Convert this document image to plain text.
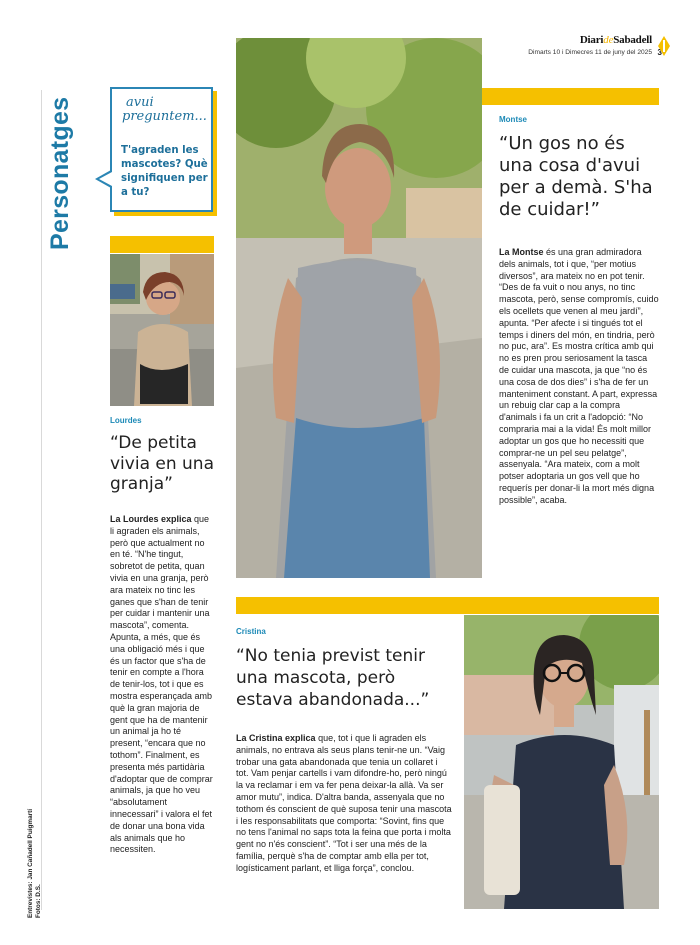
DiarideSabadell
Dimarts 10 i Dimecres 11 de juny del 2025 3
Personatges
Entrevistes: Jan Cañadell Puigmartí Fotos: D.S.
avui
preguntem...
T'agraden les mascotes? Què signifiquen per a tu?
Lourdes
“De petita vivia en una granja”
La Lourdes explica que li agraden els animals, però que actualment no en té. “N'he tingut, sobretot de petita, quan vivia en una granja, però ara mateix no tinc les ganes que s'han de tenir per cuidar i mantenir una mascota”, comenta. Apunta, a més, que és una obligació més i que és un factor que s'ha de tenir en compte a l'hora de tenir-los, tot i que es mostra esperançada amb què la gran majoria de gent que ha de mantenir un animal ja ho té present, “encara que no tothom”. Finalment, es presenta més partidària d'adoptar que de comprar animals, ja que ho veu “absolutament innecessari” i valora el fet de donar una bona vida als animals que ho necessiten.
Montse
“Un gos no és una cosa d'avui per a demà. S'ha de cuidar!”
La Montse és una gran admiradora dels animals, tot i que, “per motius diversos”, ara mateix no en pot tenir. “Des de fa vuit o nou anys, no tinc mascota, però, sense compromís, cuido els ocellets que venen al meu jardí”, apunta. “Per afecte i si tingués tot el temps i diners del món, en tindria, però no puc, ara”. Es mostra crítica amb qui no es pren prou seriosament la tasca de cuidar una mascota, ja que “no és una cosa de dos dies” i s'ha de fer un manteniment constant. A part, expressa un rebuig clar cap a la compra d'animals i fa un crit a l'adopció: “No compraria mai a la vida! És molt millor adoptar un gos que ho necessiti que comprar-ne un pel seu pelatge”, assenyala. “Ara mateix, com a molt potser adoptaria un gos vell que ho requerís per donar-li la mort més digna possible”, acaba.
Cristina
“No tenia previst tenir una mascota, però estava abandonada...”
La Cristina explica que, tot i que li agraden els animals, no entrava als seus plans tenir-ne un. “Vaig trobar una gata abandonada que tenia un collaret i tot. Vam penjar cartells i vam difondre-ho, però ningú la va reclamar i em va fer pena deixar-la allà. Va ser amor mutu”, indica. D'altra banda, assenyala que no tothom és conscient de què suposa tenir una mascota i les responsabilitats que comporta: “Sovint, fins que no tens l'animal no saps tota la feina que porta i molta gent no n'és conscient”. “Tot i ser una més de la família, perquè s'ha de comptar amb ella per tot, logísticament parlant, et lliga força”, conclou.
